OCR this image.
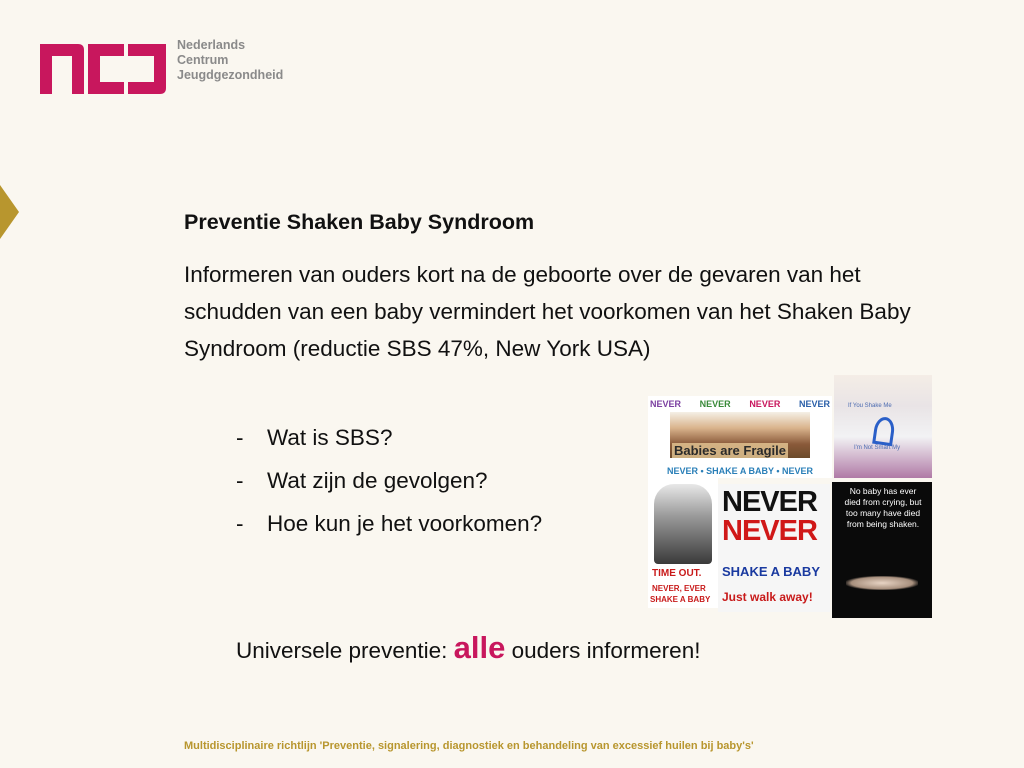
Nederlands
Centrum
Jeugdgezondheid
Preventie Shaken Baby Syndroom
Informeren van ouders kort na de geboorte over de gevaren van het schudden van een baby vermindert het voorkomen van het Shaken Baby Syndroom (reductie SBS 47%, New York USA)
-	Wat is SBS?
-	Wat zijn de gevolgen?
-	Hoe kun je het voorkomen?
NEVER NEVER NEVER NEVER
Babies are Fragile
NEVER • SHAKE A BABY • NEVER
If You Shake Me
I'm Not Smart My
TIME OUT.
NEVER, EVER
SHAKE A BABY
NEVER
NEVER
SHAKE A BABY
Just walk away!
No baby has ever died from crying, but too many have died from being shaken.
Universele preventie: alle ouders informeren!
Multidisciplinaire richtlijn 'Preventie, signalering, diagnostiek en behandeling van excessief huilen bij baby's'
